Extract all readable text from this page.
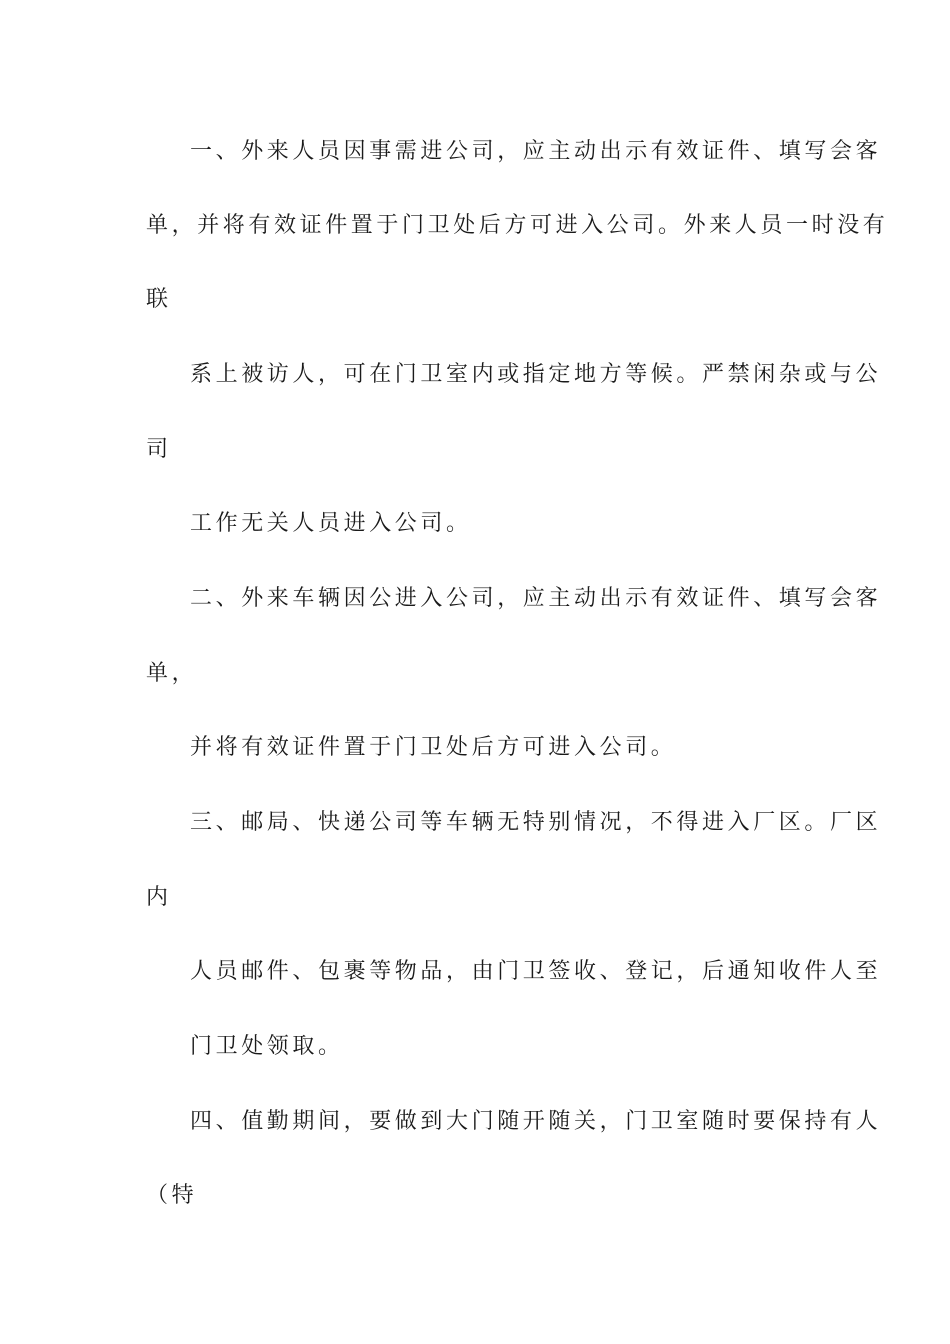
一、外来人员因事需进公司，应主动出示有效证件、填写会客
单，并将有效证件置于门卫处后方可进入公司。外来人员一时没有
联
系上被访人，可在门卫室内或指定地方等候。严禁闲杂或与公
司
工作无关人员进入公司。
二、外来车辆因公进入公司，应主动出示有效证件、填写会客
单，
并将有效证件置于门卫处后方可进入公司。
三、邮局、快递公司等车辆无特别情况，不得进入厂区。厂区
内
人员邮件、包裹等物品，由门卫签收、登记，后通知收件人至
门卫处领取。
四、值勤期间，要做到大门随开随关，门卫室随时要保持有人
（特
